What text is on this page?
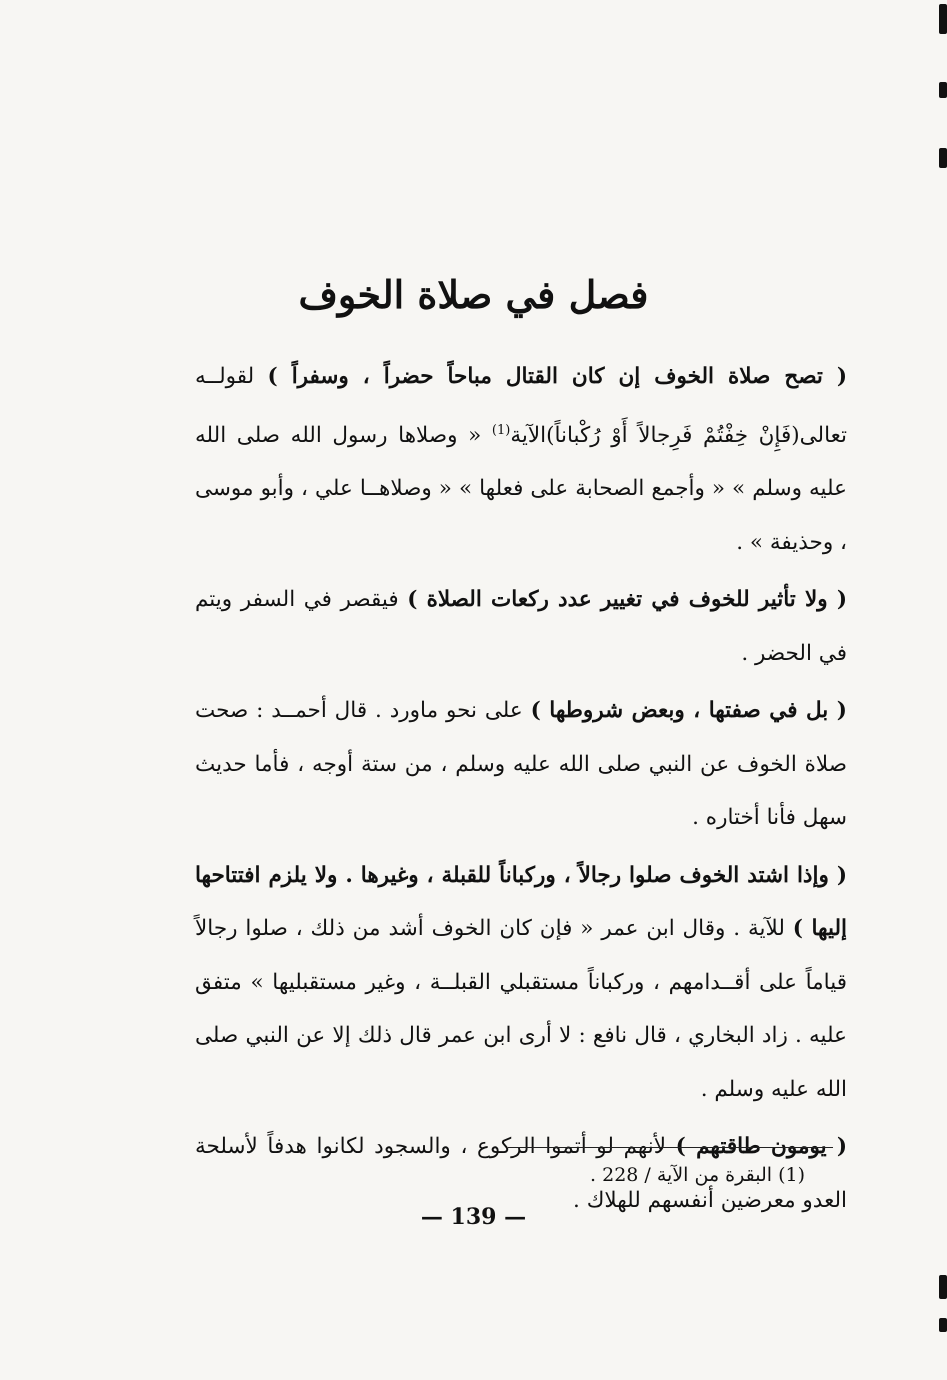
فصل في صلاة الخوف

( تصح صلاة الخوف إن كان القتال مباحاً حضراً ، وسفراً ) لقولــه تعالى(فَإِنْ خِفْتُمْ فَرِجالاً أَوْ رُكْباناً)الآية$^{(1)}$ « وصلاها رسول الله صلى الله عليه وسلم » « وأجمع الصحابة على فعلها » « وصلاهــا علي ، وأبو موسى ، وحذيفة » .

( ولا تأثير للخوف في تغيير عدد ركعات الصلاة ) فيقصر في السفر ويتم في الحضر .

( بل في صفتها ، وبعض شروطها ) على نحو ماورد . قال أحمــد : صحت صلاة الخوف عن النبي صلى الله عليه وسلم ، من ستة أوجه ، فأما حديث سهل فأنا أختاره .

( وإذا اشتد الخوف صلوا رجالاً ، وركباناً للقبلة ، وغيرها . ولا يلزم افتتاحها إليها ) للآية . وقال ابن عمر « فإن كان الخوف أشد من ذلك ، صلوا رجالاً قياماً على أقــدامهم ، وركباناً مستقبلي القبلــة ، وغير مستقبليها » متفق عليه . زاد البخاري ، قال نافع : لا أرى ابن عمر قال ذلك إلا عن النبي صلى الله عليه وسلم .

( يومون طاقتهم ) لأنهم لو أتموا الركوع ، والسجود لكانوا هدفاً لأسلحة العدو معرضين أنفسهم للهلاك .

(1) البقرة من الآية / 228 .
— 139 —
